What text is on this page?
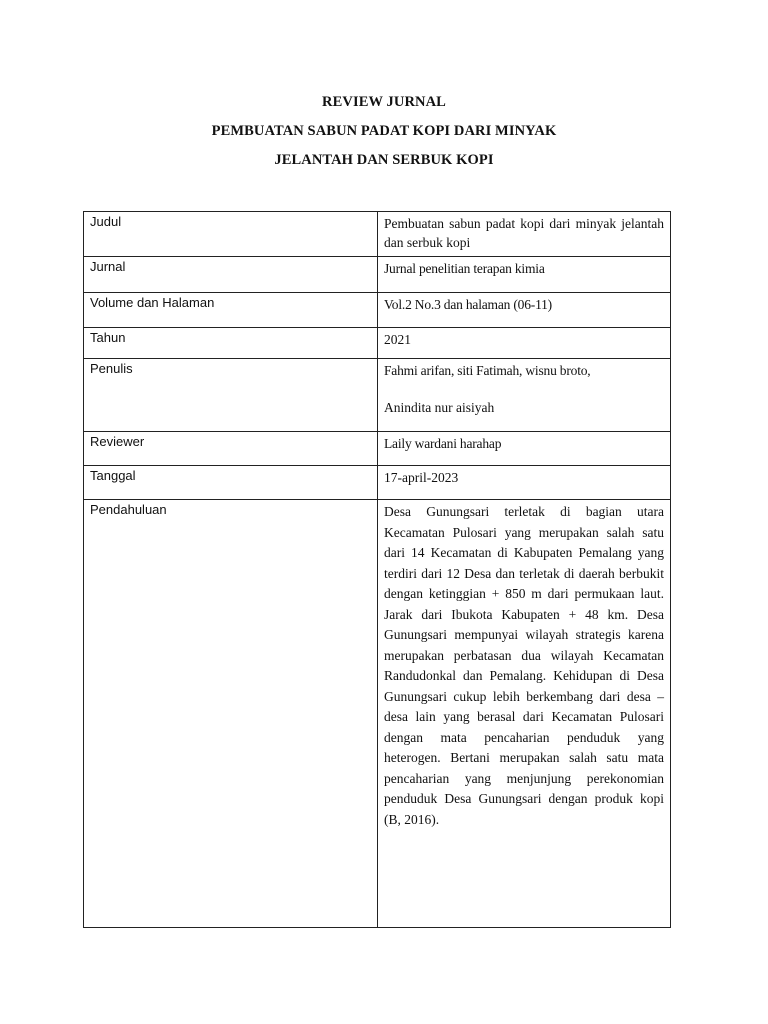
REVIEW JURNAL
PEMBUATAN SABUN PADAT KOPI DARI MINYAK
JELANTAH DAN SERBUK KOPI
Judul	Pembuatan sabun padat kopi dari minyak jelantah dan serbuk kopi
Jurnal	Jurnal penelitian terapan kimia
Volume dan Halaman	Vol.2 No.3 dan halaman (06-11)
Tahun	2021
Penulis	Fahmi arifan, siti Fatimah, wisnu broto,
Anindita nur aisiyah

Reviewer	Laily wardani harahap
Tanggal	17-april-2023
Pendahuluan	Desa Gunungsari terletak di bagian utara Kecamatan Pulosari yang merupakan salah satu dari 14 Kecamatan di Kabupaten Pemalang yang terdiri dari 12 Desa dan terletak di daerah berbukit dengan ketinggian + 850 m dari permukaan laut. Jarak dari Ibukota Kabupaten + 48 km. Desa Gunungsari mempunyai wilayah strategis karena merupakan perbatasan dua wilayah Kecamatan Randudonkal dan Pemalang. Kehidupan di Desa Gunungsari cukup lebih berkembang dari desa – desa lain yang berasal dari Kecamatan Pulosari dengan mata pencaharian penduduk yang heterogen. Bertani merupakan salah satu mata pencaharian yang menjunjung perekonomian penduduk Desa Gunungsari dengan produk kopi (B, 2016).
